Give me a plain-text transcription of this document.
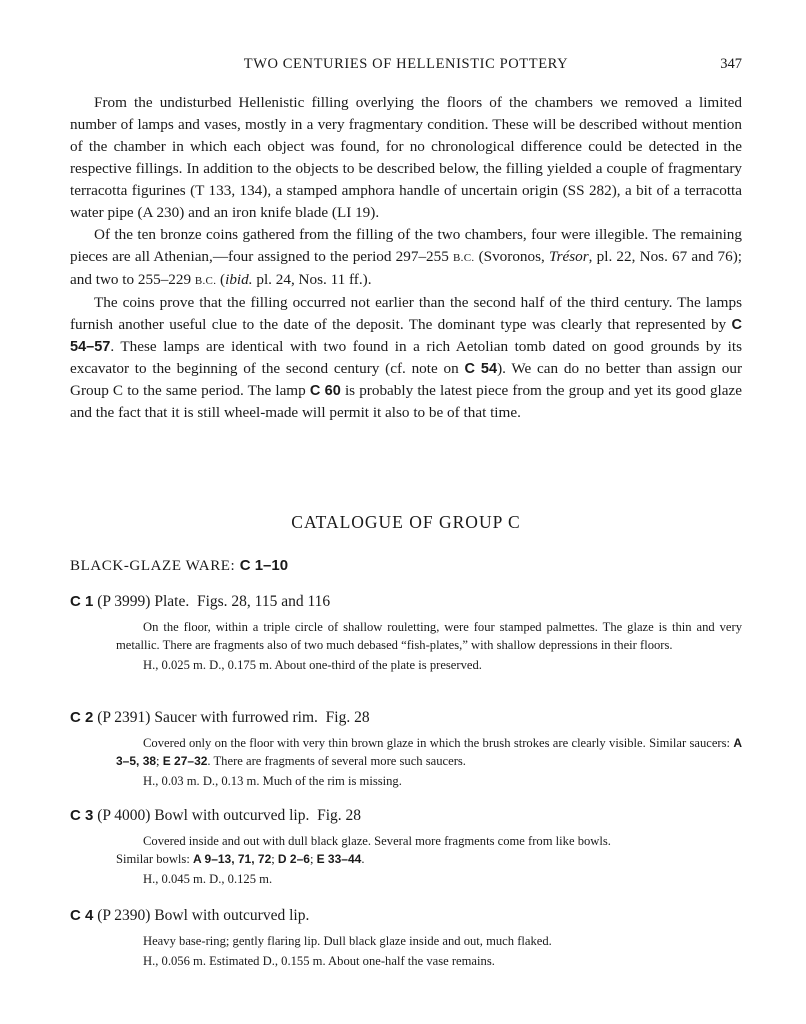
TWO CENTURIES OF HELLENISTIC POTTERY	347

From the undisturbed Hellenistic filling overlying the floors of the chambers we removed a limited number of lamps and vases, mostly in a very fragmentary condition. These will be described without mention of the chamber in which each object was found, for no chronological difference could be detected in the respective fillings. In addition to the objects to be described below, the filling yielded a couple of fragmentary terracotta figurines (T 133, 134), a stamped amphora handle of uncertain origin (SS 282), a bit of a terracotta water pipe (A 230) and an iron knife blade (LI 19).

Of the ten bronze coins gathered from the filling of the two chambers, four were illegible. The remaining pieces are all Athenian,—four assigned to the period 297–255 B.C. (Svoronos, Trésor, pl. 22, Nos. 67 and 76); and two to 255–229 B.C. (ibid. pl. 24, Nos. 11 ff.).

The coins prove that the filling occurred not earlier than the second half of the third century. The lamps furnish another useful clue to the date of the deposit. The dominant type was clearly that represented by C 54–57. These lamps are identical with two found in a rich Aetolian tomb dated on good grounds by its excavator to the beginning of the second century (cf. note on C 54). We can do no better than assign our Group C to the same period. The lamp C 60 is probably the latest piece from the group and yet its good glaze and the fact that it is still wheel-made will permit it also to be of that time.

CATALOGUE OF GROUP C
BLACK-GLAZE WARE: C 1–10
C 1 (P 3999) Plate. Figs. 28, 115 and 116
On the floor, within a triple circle of shallow rouletting, were four stamped palmettes. The glaze is thin and very metallic. There are fragments also of two much debased “fish-plates,” with shallow depressions in their floors.
H., 0.025 m. D., 0.175 m. About one-third of the plate is preserved.
C 2 (P 2391) Saucer with furrowed rim. Fig. 28
Covered only on the floor with very thin brown glaze in which the brush strokes are clearly visible. Similar saucers: A 3–5, 38; E 27–32. There are fragments of several more such saucers.
H., 0.03 m. D., 0.13 m. Much of the rim is missing.
C 3 (P 4000) Bowl with outcurved lip. Fig. 28
Covered inside and out with dull black glaze. Several more fragments come from like bowls.
Similar bowls: A 9–13, 71, 72; D 2–6; E 33–44.
H., 0.045 m. D., 0.125 m.
C 4 (P 2390) Bowl with outcurved lip.
Heavy base-ring; gently flaring lip. Dull black glaze inside and out, much flaked.
H., 0.056 m. Estimated D., 0.155 m. About one-half the vase remains.
